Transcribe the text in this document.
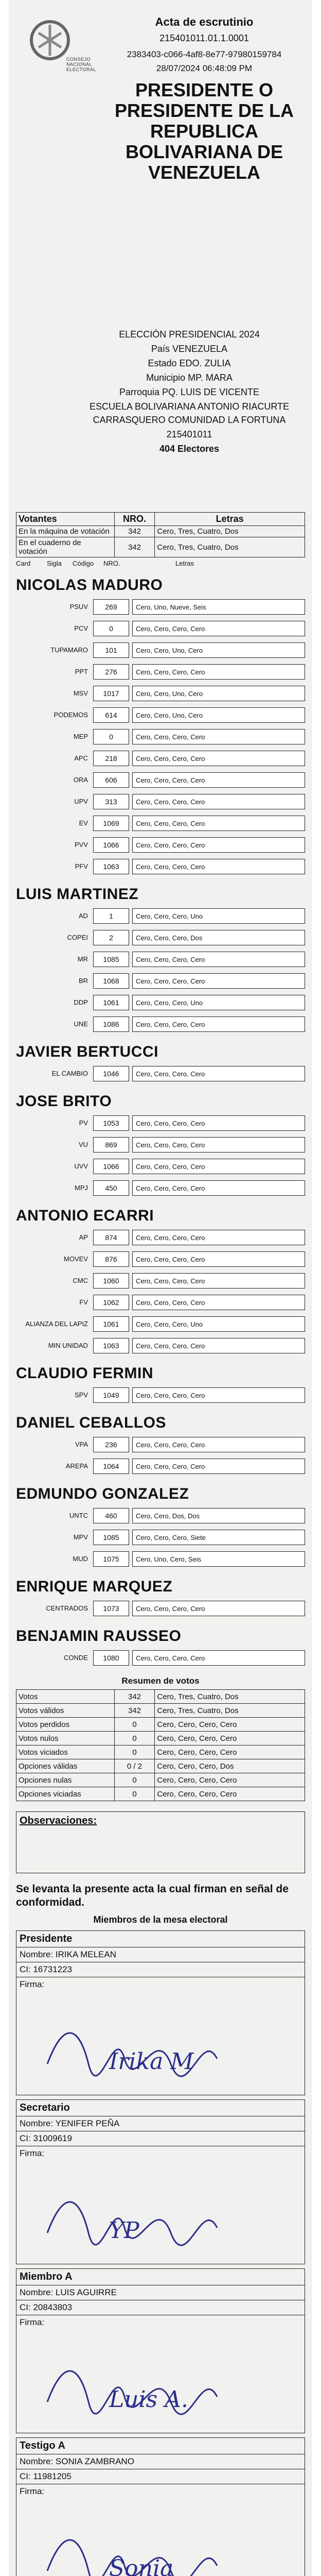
CONSEJO NACIONAL ELECTORAL
Acta de escrutinio
215401011.01.1.0001
2383403-c066-4af8-8e77-97980159784
28/07/2024 06:48:09 PM
PRESIDENTE O
PRESIDENTE DE LA
REPUBLICA
BOLIVARIANA DE
VENEZUELA
ELECCIÓN PRESIDENCIAL 2024
País VENEZUELA
Estado EDO. ZULIA
Municipio MP. MARA
Parroquia PQ. LUIS DE VICENTE
ESCUELA BOLIVARIANA ANTONIO RIACURTE CARRASQUERO COMUNIDAD LA FORTUNA
215401011
404 Electores
Votantes	NRO.	Letras
En la máquina de votación	342	Cero, Tres, Cuatro, Dos
En el cuaderno de votación	342	Cero, Tres, Cuatro, Dos
Card	Sigla	Código	NRO.	Letras
NICOLAS MADURO
PSUV	269	Cero, Uno, Nueve, Seis
PCV	0	Cero, Cero, Cero, Cero
TUPAMARO	101	Cero, Cero, Uno, Cero
PPT	276	Cero, Cero, Cero, Cero
MSV	1017	Cero, Cero, Uno, Cero
PODEMOS	614	Cero, Cero, Uno, Cero
MEP	0	Cero, Cero, Cero, Cero
APC	218	Cero, Cero, Cero, Cero
ORA	606	Cero, Cero, Cero, Cero
UPV	313	Cero, Cero, Cero, Cero
EV	1069	Cero, Cero, Cero, Cero
PVV	1066	Cero, Cero, Cero, Cero
PFV	1063	Cero, Cero, Cero, Cero
LUIS MARTINEZ
AD	1	Cero, Cero, Cero, Uno
COPEI	2	Cero, Cero, Cero, Dos
MR	1085	Cero, Cero, Cero, Cero
BR	1068	Cero, Cero, Cero, Cero
DDP	1061	Cero, Cero, Cero, Uno
UNE	1086	Cero, Cero, Cero, Cero
JAVIER BERTUCCI
EL CAMBIO	1046	Cero, Cero, Cero, Cero
JOSE BRITO
PV	1053	Cero, Cero, Cero, Cero
VU	869	Cero, Cero, Cero, Cero
UVV	1066	Cero, Cero, Cero, Cero
MPJ	450	Cero, Cero, Cero, Cero
ANTONIO ECARRI
AP	874	Cero, Cero, Cero, Cero
MOVEV	876	Cero, Cero, Cero, Cero
CMC	1060	Cero, Cero, Cero, Cero
FV	1062	Cero, Cero, Cero, Cero
ALIANZA DEL LAPIZ	1061	Cero, Cero, Cero, Uno
MIN UNIDAD	1063	Cero, Cero, Cero, Cero
CLAUDIO FERMIN
SPV	1049	Cero, Cero, Cero, Cero
DANIEL CEBALLOS
VPA	236	Cero, Cero, Cero, Cero
AREPA	1064	Cero, Cero, Cero, Cero
EDMUNDO GONZALEZ
UNTC	460	Cero, Cero, Dos, Dos
MPV	1085	Cero, Cero, Cero, Siete
MUD	1075	Cero, Uno, Cero, Seis
ENRIQUE MARQUEZ
CENTRADOS	1073	Cero, Cero, Cero, Cero
BENJAMIN RAUSSEO
CONDE	1080	Cero, Cero, Cero, Cero
Resumen de votos
Votos	342	Cero, Tres, Cuatro, Dos
Votos válidos	342	Cero, Tres, Cuatro, Dos
Votos perdidos	0	Cero, Cero, Cero, Cero
Votos nulos	0	Cero, Cero, Cero, Cero
Votos viciados	0	Cero, Cero, Cero, Cero
Opciones válidas	0 / 2	Cero, Cero, Cero, Dos
Opciones nulas	0	Cero, Cero, Cero, Cero
Opciones viciadas	0	Cero, Cero, Cero, Cero
Observaciones:
Se levanta la presente acta la cual firman en señal de conformidad.
Miembros de la mesa electoral
Presidente
Nombre: IRIKA MELEAN
CI: 16731223
Firma:
Irika M
Secretario
Nombre: YENIFER PEÑA
CI: 31009619
Firma:
YP
Miembro A
Nombre: LUIS AGUIRRE
CI: 20843803
Firma:
Luis A.
Testigo A
Nombre: SONIA ZAMBRANO
CI: 11981205
Firma:
Sonia
